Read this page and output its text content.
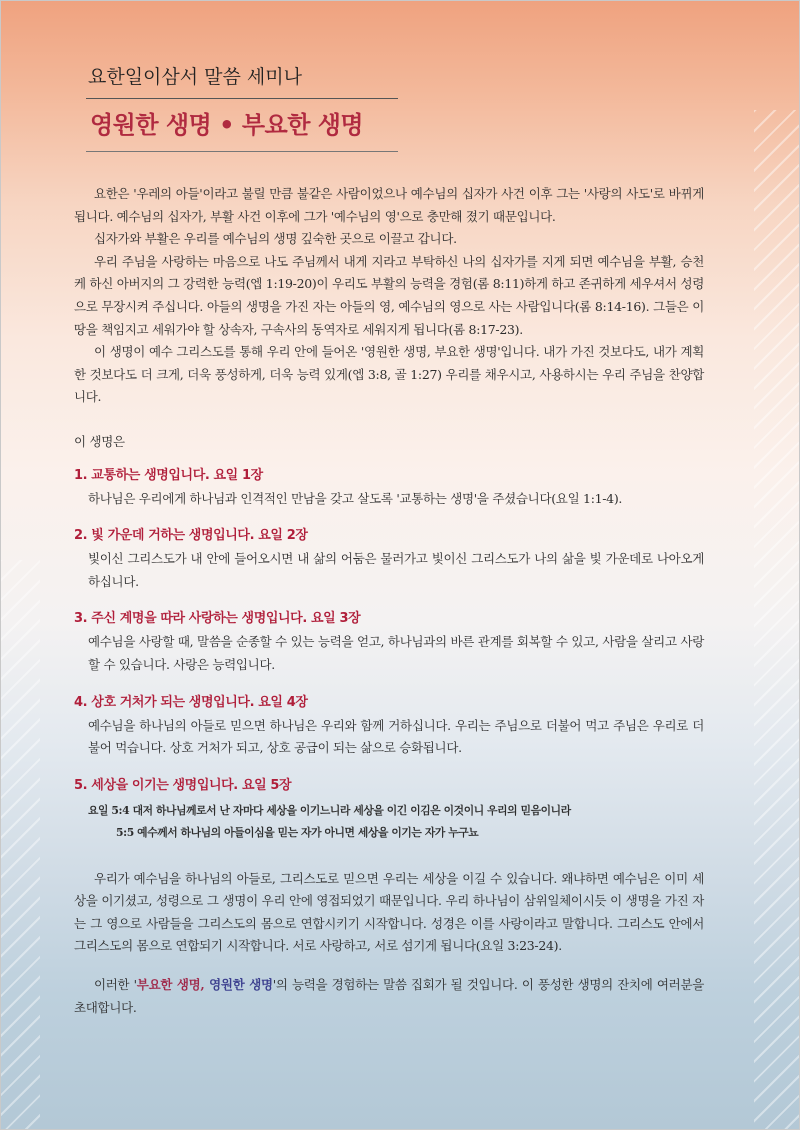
요한일이삼서 말씀 세미나
영원한 생명 • 부요한 생명

요한은 '우레의 아들'이라고 불릴 만큼 불같은 사람이었으나 예수님의 십자가 사건 이후 그는 '사랑의 사도'로 바뀌게 됩니다. 예수님의 십자가, 부활 사건 이후에 그가 '예수님의 영'으로 충만해 졌기 때문입니다.

십자가와 부활은 우리를 예수님의 생명 깊숙한 곳으로 이끌고 갑니다.

우리 주님을 사랑하는 마음으로 나도 주님께서 내게 지라고 부탁하신 나의 십자가를 지게 되면 예수님을 부활, 승천케 하신 아버지의 그 강력한 능력(엡 1:19-20)이 우리도 부활의 능력을 경험(롬 8:11)하게 하고 존귀하게 세우셔서 성령으로 무장시켜 주십니다. 아들의 생명을 가진 자는 아들의 영, 예수님의 영으로 사는 사람입니다(롬 8:14-16). 그들은 이 땅을 책임지고 세워가야 할 상속자, 구속사의 동역자로 세워지게 됩니다(롬 8:17-23).

이 생명이 예수 그리스도를 통해 우리 안에 들어온 '영원한 생명, 부요한 생명'입니다. 내가 가진 것보다도, 내가 계획한 것보다도 더 크게, 더욱 풍성하게, 더욱 능력 있게(엡 3:8, 골 1:27) 우리를 채우시고, 사용하시는 우리 주님을 찬양합니다.

이 생명은

1. 교통하는 생명입니다. 요일 1장

하나님은 우리에게 하나님과 인격적인 만남을 갖고 살도록 '교통하는 생명'을 주셨습니다(요일 1:1-4).

2. 빛 가운데 거하는 생명입니다. 요일 2장

빛이신 그리스도가 내 안에 들어오시면 내 삶의 어둠은 물러가고 빛이신 그리스도가 나의 삶을 빛 가운데로 나아오게 하십니다.

3. 주신 계명을 따라 사랑하는 생명입니다. 요일 3장

예수님을 사랑할 때, 말씀을 순종할 수 있는 능력을 얻고, 하나님과의 바른 관계를 회복할 수 있고, 사람을 살리고 사랑할 수 있습니다. 사랑은 능력입니다.

4. 상호 거처가 되는 생명입니다. 요일 4장

예수님을 하나님의 아들로 믿으면 하나님은 우리와 함께 거하십니다. 우리는 주님으로 더불어 먹고 주님은 우리로 더불어 먹습니다. 상호 거처가 되고, 상호 공급이 되는 삶으로 승화됩니다.

5. 세상을 이기는 생명입니다. 요일 5장

요일 5:4 대저 하나님께로서 난 자마다 세상을 이기느니라 세상을 이긴 이김은 이것이니 우리의 믿음이니라
5:5 예수께서 하나님의 아들이심을 믿는 자가 아니면 세상을 이기는 자가 누구뇨

우리가 예수님을 하나님의 아들로, 그리스도로 믿으면 우리는 세상을 이길 수 있습니다. 왜냐하면 예수님은 이미 세상을 이기셨고, 성령으로 그 생명이 우리 안에 영접되었기 때문입니다. 우리 하나님이 삼위일체이시듯 이 생명을 가진 자는 그 영으로 사람들을 그리스도의 몸으로 연합시키기 시작합니다. 성경은 이를 사랑이라고 말합니다. 그리스도 안에서 그리스도의 몸으로 연합되기 시작합니다. 서로 사랑하고, 서로 섬기게 됩니다(요일 3:23-24).

이러한 '부요한 생명, 영원한 생명'의 능력을 경험하는 말씀 집회가 될 것입니다. 이 풍성한 생명의 잔치에 여러분을 초대합니다.
